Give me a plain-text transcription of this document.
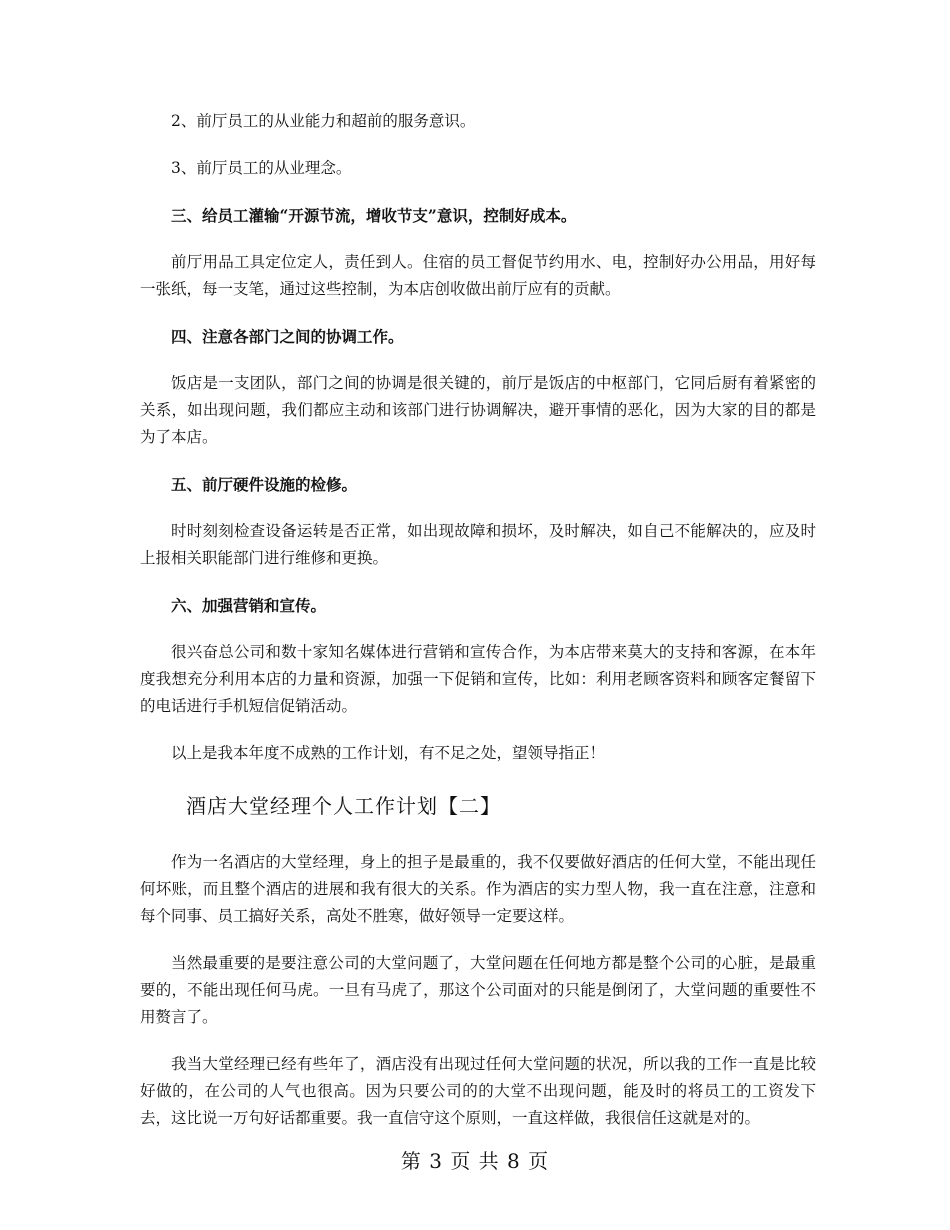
2、前厅员工的从业能力和超前的服务意识。

3、前厅员工的从业理念。

三、给员工灌输“开源节流，增收节支”意识，控制好成本。

前厅用品工具定位定人，责任到人。住宿的员工督促节约用水、电，控制好办公用品，用好每一张纸，每一支笔，通过这些控制，为本店创收做出前厅应有的贡献。

四、注意各部门之间的协调工作。

饭店是一支团队，部门之间的协调是很关键的，前厅是饭店的中枢部门，它同后厨有着紧密的关系，如出现问题，我们都应主动和该部门进行协调解决，避开事情的恶化，因为大家的目的都是为了本店。

五、前厅硬件设施的检修。

时时刻刻检查设备运转是否正常，如出现故障和损坏，及时解决，如自己不能解决的，应及时上报相关职能部门进行维修和更换。

六、加强营销和宣传。

很兴奋总公司和数十家知名媒体进行营销和宣传合作，为本店带来莫大的支持和客源，在本年度我想充分利用本店的力量和资源，加强一下促销和宣传，比如：利用老顾客资料和顾客定餐留下的电话进行手机短信促销活动。

以上是我本年度不成熟的工作计划，有不足之处，望领导指正！

酒店大堂经理个人工作计划【二】

作为一名酒店的大堂经理，身上的担子是最重的，我不仅要做好酒店的任何大堂，不能出现任何坏账，而且整个酒店的进展和我有很大的关系。作为酒店的实力型人物，我一直在注意，注意和每个同事、员工搞好关系，高处不胜寒，做好领导一定要这样。

当然最重要的是要注意公司的大堂问题了，大堂问题在任何地方都是整个公司的心脏，是最重要的，不能出现任何马虎。一旦有马虎了，那这个公司面对的只能是倒闭了，大堂问题的重要性不用赘言了。

我当大堂经理已经有些年了，酒店没有出现过任何大堂问题的状况，所以我的工作一直是比较好做的，在公司的人气也很高。因为只要公司的的大堂不出现问题，能及时的将员工的工资发下去，这比说一万句好话都重要。我一直信守这个原则，一直这样做，我很信任这就是对的。

第 3 页 共 8 页
